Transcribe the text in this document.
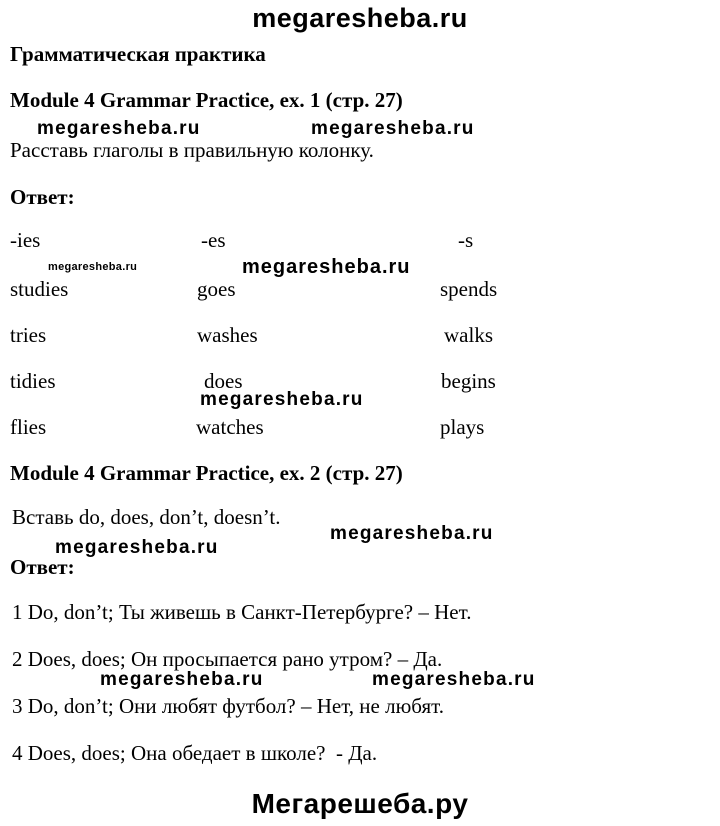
megaresheba.ru
Грамматическая практика
Module 4 Grammar Practice, ex. 1 (стр. 27)
megaresheba.ru	megaresheba.ru
Расставь глаголы в правильную колонку.
Ответ:
-ies	-es	-s
megaresheba.ru	megaresheba.ru
studies	goes	spends
tries	washes	walks
tidies	does	begins
megaresheba.ru
flies	watches	plays
Module 4 Grammar Practice, ex. 2 (стр. 27)
Вставь do, does, don’t, doesn’t.
megaresheba.ru
megaresheba.ru
Ответ:
1 Do, don’t; Ты живешь в Санкт-Петербурге? – Нет.
2 Does, does; Он просыпается рано утром? – Да.
megaresheba.ru	megaresheba.ru
3 Do, don’t; Они любят футбол? – Нет, не любят.
4 Does, does; Она обедает в школе?  - Да.
Мегарешеба.ру
